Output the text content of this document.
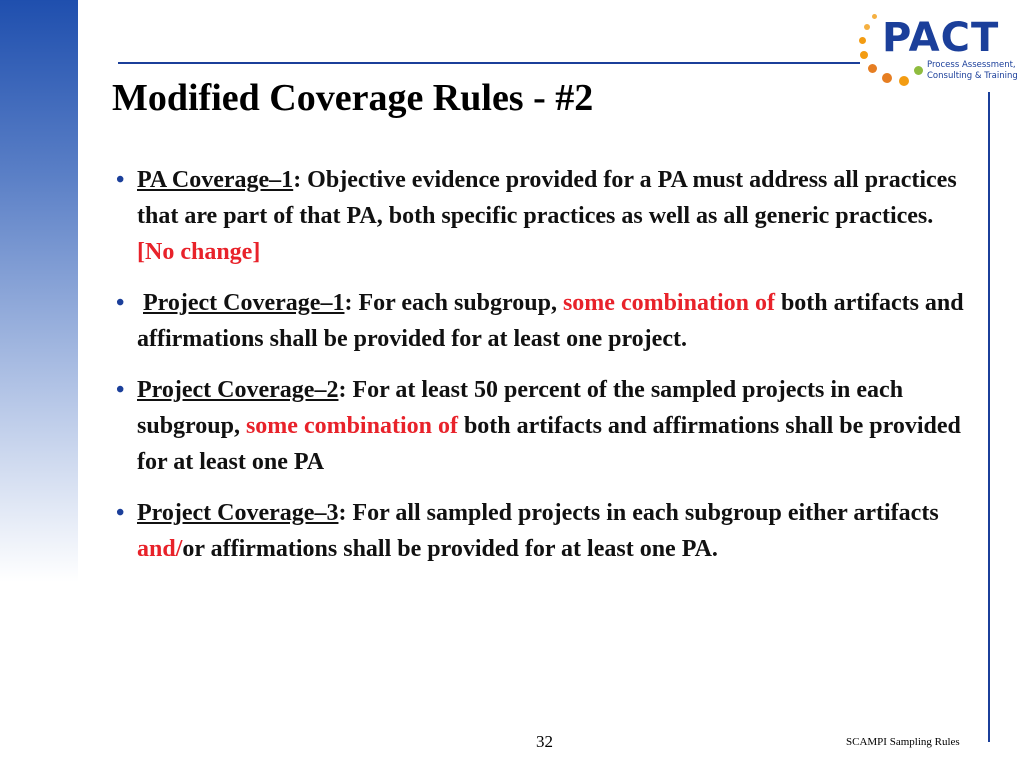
PACT
Process Assessment,
Consulting & Training
Modified Coverage Rules - #2
• PA Coverage–1: Objective evidence provided for a PA must address all practices that are part of that PA, both specific practices as well as all generic practices.  [No change]
• Project Coverage–1: For each subgroup, some combination of both artifacts and affirmations shall be provided for at least one project.
• Project Coverage–2: For at least 50 percent of the sampled projects in each subgroup, some combination of both artifacts and affirmations shall be provided for at least one PA
• Project Coverage–3: For all sampled projects in each subgroup either artifacts and/or affirmations shall be provided for at least one PA.
32	SCAMPI Sampling Rules
